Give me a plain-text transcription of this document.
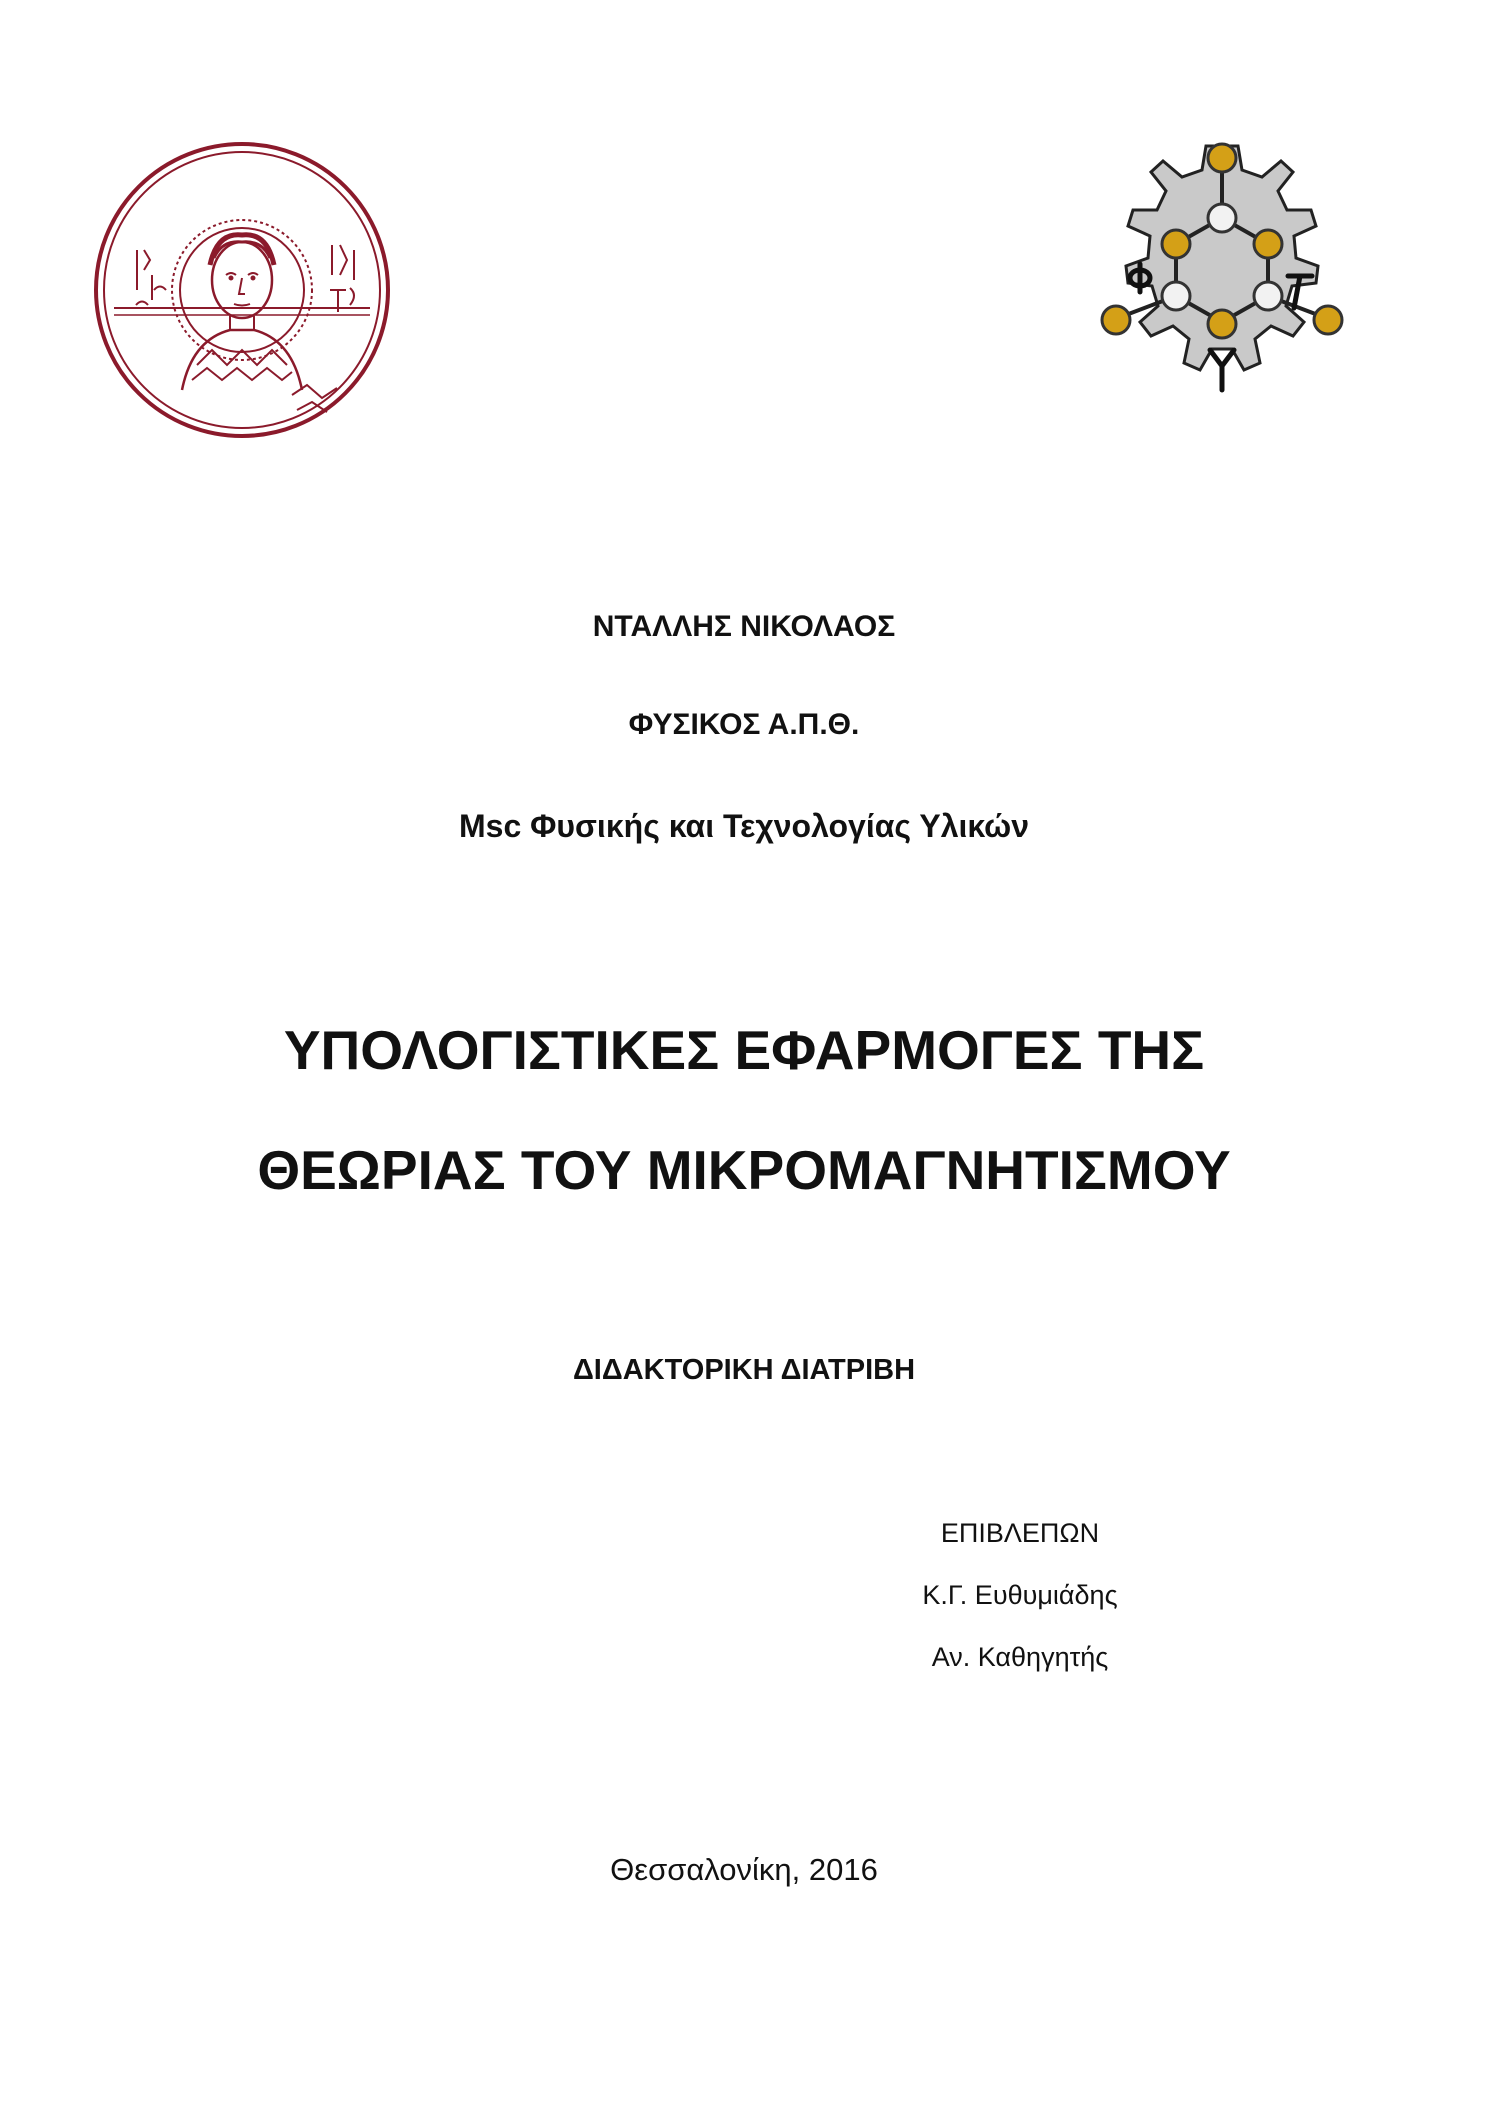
ΝΤΑΛΛΗΣ ΝΙΚΟΛΑΟΣ
ΦΥΣΙΚΟΣ Α.Π.Θ.
Msc Φυσικής και Τεχνολογίας Υλικών
ΥΠΟΛΟΓΙΣΤΙΚΕΣ ΕΦΑΡΜΟΓΕΣ ΤΗΣ
ΘΕΩΡΙΑΣ ΤΟΥ ΜΙΚΡΟΜΑΓΝΗΤΙΣΜΟΥ
ΔΙΔΑΚΤΟΡΙΚΗ ΔΙΑΤΡΙΒΗ
ΕΠΙΒΛΕΠΩΝ
Κ.Γ. Ευθυμιάδης
Αν. Καθηγητής
Θεσσαλονίκη, 2016
